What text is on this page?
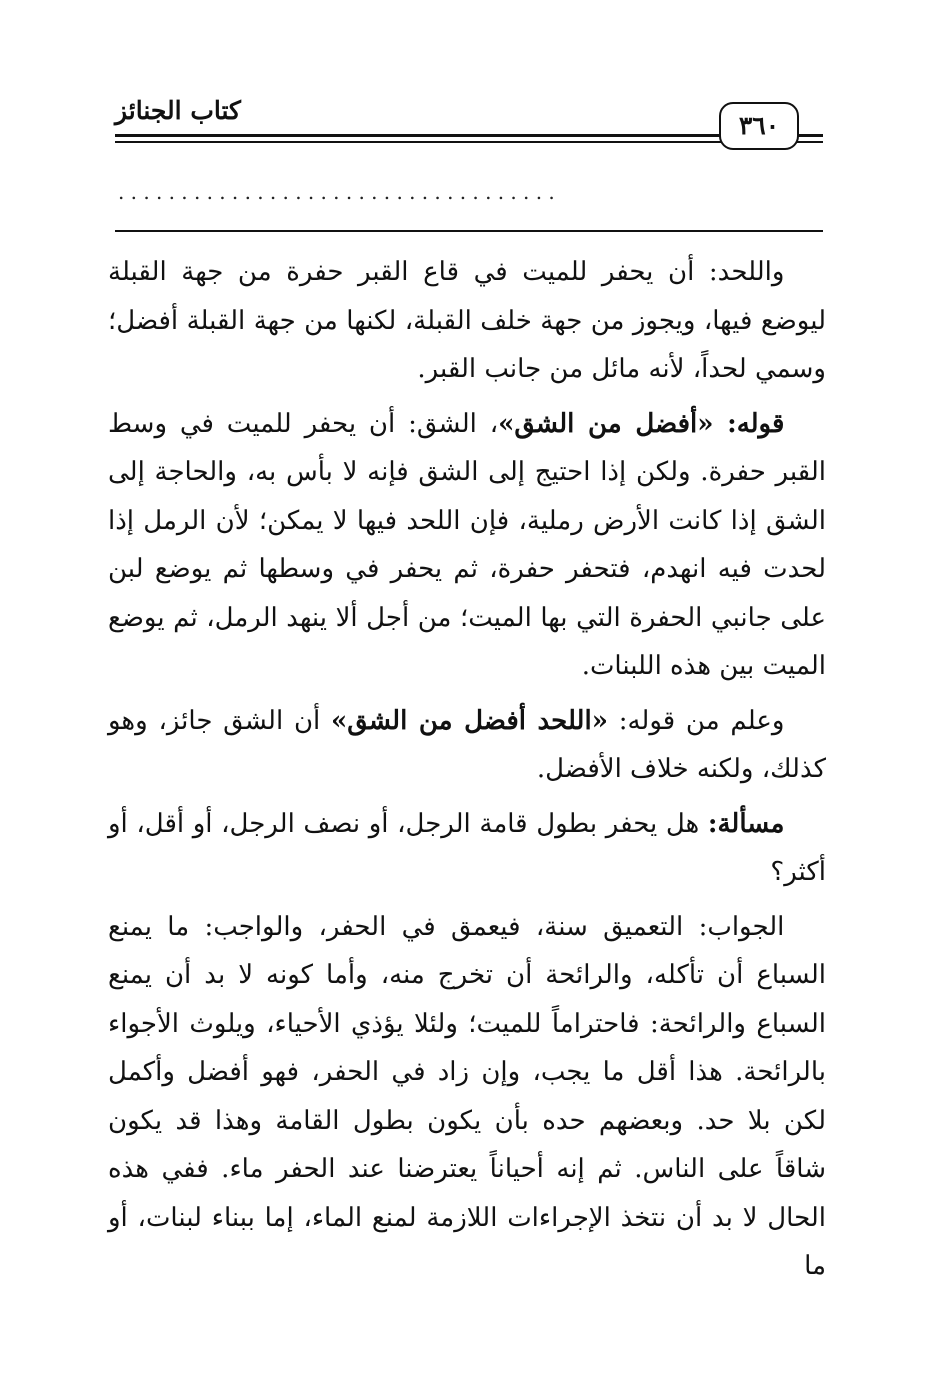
كتاب الجنائز
٣٦٠
...................................

واللحد: أن يحفر للميت في قاع القبر حفرة من جهة القبلة ليوضع فيها، ويجوز من جهة خلف القبلة، لكنها من جهة القبلة أفضل؛ وسمي لحداً، لأنه مائل من جانب القبر.

قوله: «أفضل من الشق»، الشق: أن يحفر للميت في وسط القبر حفرة. ولكن إذا احتيج إلى الشق فإنه لا بأس به، والحاجة إلى الشق إذا كانت الأرض رملية، فإن اللحد فيها لا يمكن؛ لأن الرمل إذا لحدت فيه انهدم، فتحفر حفرة، ثم يحفر في وسطها ثم يوضع لبن على جانبي الحفرة التي بها الميت؛ من أجل ألا ينهد الرمل، ثم يوضع الميت بين هذه اللبنات.

وعلم من قوله: «اللحد أفضل من الشق» أن الشق جائز، وهو كذلك، ولكنه خلاف الأفضل.

مسألة: هل يحفر بطول قامة الرجل، أو نصف الرجل، أو أقل، أو أكثر؟

الجواب: التعميق سنة، فيعمق في الحفر، والواجب: ما يمنع السباع أن تأكله، والرائحة أن تخرج منه، وأما كونه لا بد أن يمنع السباع والرائحة: فاحتراماً للميت؛ ولئلا يؤذي الأحياء، ويلوث الأجواء بالرائحة. هذا أقل ما يجب، وإن زاد في الحفر، فهو أفضل وأكمل لكن بلا حد. وبعضهم حده بأن يكون بطول القامة وهذا قد يكون شاقاً على الناس. ثم إنه أحياناً يعترضنا عند الحفر ماء. ففي هذه الحال لا بد أن نتخذ الإجراءات اللازمة لمنع الماء، إما ببناء لبنات، أو ما
